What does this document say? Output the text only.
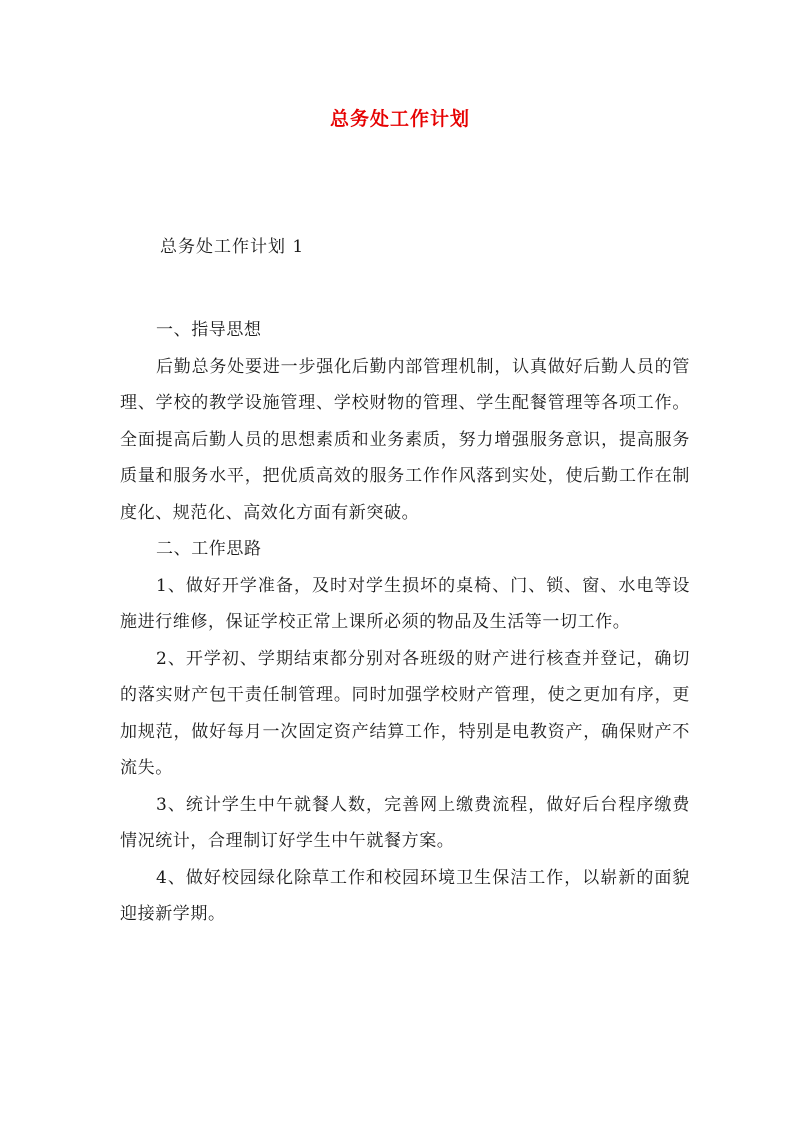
总务处工作计划
总务处工作计划 1

一、指导思想

后勤总务处要进一步强化后勤内部管理机制，认真做好后勤人员的管理、学校的教学设施管理、学校财物的管理、学生配餐管理等各项工作。全面提高后勤人员的思想素质和业务素质，努力增强服务意识，提高服务质量和服务水平，把优质高效的服务工作作风落到实处，使后勤工作在制度化、规范化、高效化方面有新突破。

二、工作思路

1、做好开学准备，及时对学生损坏的桌椅、门、锁、窗、水电等设施进行维修，保证学校正常上课所必须的物品及生活等一切工作。

2、开学初、学期结束都分别对各班级的财产进行核查并登记，确切的落实财产包干责任制管理。同时加强学校财产管理，使之更加有序，更加规范，做好每月一次固定资产结算工作，特别是电教资产，确保财产不流失。

3、统计学生中午就餐人数，完善网上缴费流程，做好后台程序缴费情况统计，合理制订好学生中午就餐方案。

4、做好校园绿化除草工作和校园环境卫生保洁工作，以崭新的面貌迎接新学期。
